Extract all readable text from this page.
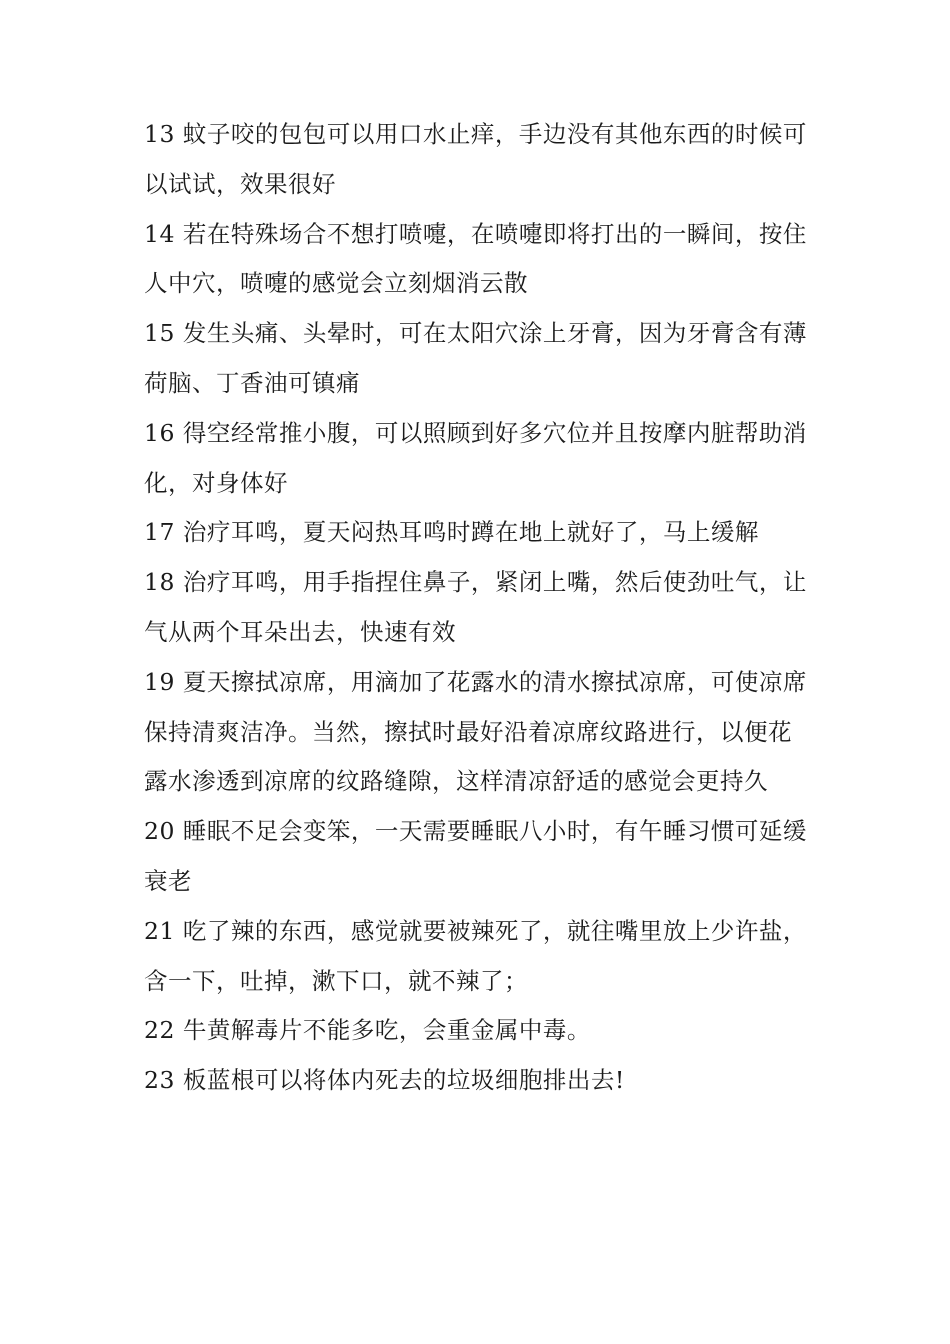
13 蚊子咬的包包可以用口水止痒，手边没有其他东西的时候可以试试，效果很好

14 若在特殊场合不想打喷嚏，在喷嚏即将打出的一瞬间，按住人中穴，喷嚏的感觉会立刻烟消云散

15 发生头痛、头晕时，可在太阳穴涂上牙膏，因为牙膏含有薄荷脑、丁香油可镇痛

16 得空经常推小腹，可以照顾到好多穴位并且按摩内脏帮助消化，对身体好

17 治疗耳鸣，夏天闷热耳鸣时蹲在地上就好了，马上缓解

18 治疗耳鸣，用手指捏住鼻子，紧闭上嘴，然后使劲吐气，让气从两个耳朵出去，快速有效

19 夏天擦拭凉席，用滴加了花露水的清水擦拭凉席，可使凉席保持清爽洁净。当然，擦拭时最好沿着凉席纹路进行，以便花露水渗透到凉席的纹路缝隙，这样清凉舒适的感觉会更持久

20 睡眠不足会变笨，一天需要睡眠八小时，有午睡习惯可延缓衰老

21 吃了辣的东西，感觉就要被辣死了，就往嘴里放上少许盐，含一下，吐掉，漱下口，就不辣了；

22 牛黄解毒片不能多吃，会重金属中毒。

23 板蓝根可以将体内死去的垃圾细胞排出去!
